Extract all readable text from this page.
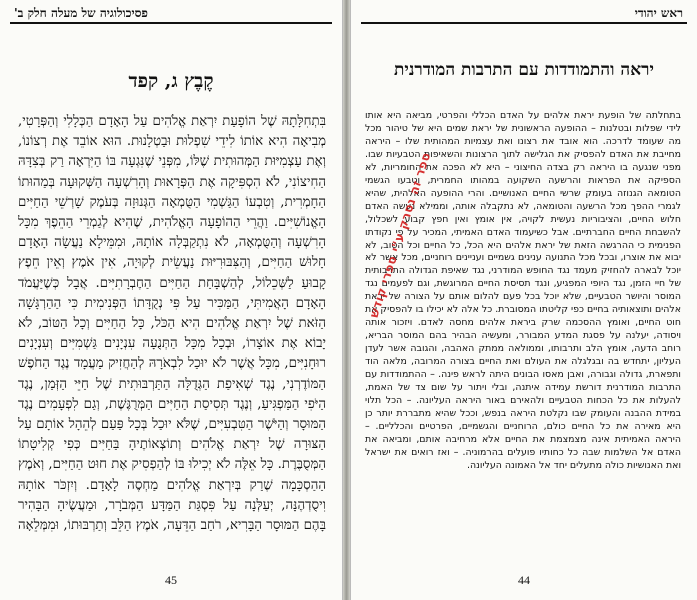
פסיכולוגיה של מעלה חלק ב'
קֶבֶץ ג, קפד

בִּתְחִלָּתָהּ שֶׁל הוֹפָעַת יִרְאַת אֱלֹהִים עַל הָאָדָם הַכְּלָלִי וְהַפְּרָטִי, מְבִיאָה הִיא אוֹתוֹ לִידֵי שִׁפְלוּת וּבַטְלָנוּת. הוּא אוֹבֵד אֶת רְצוֹנוֹ, וְאֶת עַצְמִיּוּת הַמְּהוּתִית שֶׁלּוֹ, מִפְּנֵי שֶׁנִּגְעָה בּוֹ הַיִּרְאָה רַק בְּצִדָּהּ הַחִיצוֹנִי, לֹא הִסְפִּיקָה אֶת הַפְּרָאוּת וְהָרִשְׁעָה הַשְּׁקוּעָה בְּמַהוּתוֹ הַחָמְרִית, וְטִבְעוֹ הַגַּשְׁמִי הַטֻּמְאָה הַגְּנוּזָה בְּעֹמֶק שָׁרְשֵׁי הַחַיִּים הָאֱנוֹשִׁיִּים. וַהֲרֵי הַהוֹפָעָה הָאֱלֹהִית, שֶׁהִיא לְגַמְרֵי הַהֵפֶךְ מִכָּל הָרִשְׁעָה וְהַטֻּמְאָה, לֹא נִתְקַבְּלָה אוֹתָהּ, וּמִמֵּילָא נַעֲשָׂה הָאָדָם חָלוּשׁ הַחַיִּים, וְהַצִּבּוּרִיּוּת נַעֲשֵׂית לְקוּיָה, אִין אֹמֶץ וְאֵין חֵפֶץ קָבוּעַ לַשְּׁכֵלוֹל, לְהַשְׁבָּחַת הַחַיִּים הַחֶבְרָתִיִּים. אֲבָל כְּשֶׁיַּעֲמֹד הָאָדָם הָאֲמִיתִּי, הַמַּכִּיר עַל פִּי נְקֻדָּתוֹ הַפְּנִימִית כִּי הַהַרְגָּשָׁה הַזֹּאת שֶׁל יִרְאַת אֱלֹהִים הִיא הַכֹּל, כָּל הַחַיִּים וְכָל הַטּוֹב, לֹא יָבוֹא אֶת אוֹצָרוֹ, וּבְכָל מִכָּל הַתְּנֻעָה עִנְיָנִים גַּשְׁמִיִּים וְעִנְיָנִים רוּחָנִיִּים, מִכָּל אֲשֶׁר לֹא יוּכַל לִבְאֹרָהּ לְהַחֲזִיק מַעֲמָד נֶגֶד הַחֹפֶשׁ הַמּוֹדֶרְנִי, נֶגֶד שְׁאִיפַת הַגְּדֻלָּה הַתַּרְבּוּתִית שֶׁל חַיֵּי הַזְּמַן, נֶגֶד הַיֹּפִי הַמַּפְגִּיעַ, וְנֶגֶד תְּסִיסַת הַחַיִּים הַמְּרֻגֶּשֶׁת, וְגַם לִפְעָמִים נֶגֶד הַמּוּסָר וְהַיֹּשֶׁר הַטִּבְעִיִּים, שֶׁלֹּא יוּכַל בְּכָל פַּעַם לְהֵהָל אוֹתָם עַל הַצּוּרָה שֶׁל יִרְאַת אֱלֹהִים וְתוֹצְאוֹתֶיהָ בַּחַיִּים כְּפִי קְלִיטָתוֹ הַמְּסֻבֶּרֶת. כָּל אֵלֶּה לֹא יְכִילוּ בּוֹ לְהַפְסִיק אֶת חוּט הַחַיִּים, וְאֹמֶץ הַהַסְכָּמָה שֶׁרַק בְּיִרְאַת אֱלֹהִים מַחְסֶה לָאָדָם. וְיִזְכֹּר אוֹתָהּ וִיסֻדְהֶנָּה, יְעַלְּנָה עַל פִּסְגַּת הַמַּדָּע הַמְּבֹרָר, וּמַעֲשֶׂיהָ הַבָּהִיר בָּהֶם הַמּוּסָר הַבָּרִיא, רֹחַב הַדֵּעָה, אֹמֶץ הַלֵּב וְתַרְבּוּתוֹ, וּמִמְּלֵאָה

45
ראש יהודי
יראה והתמודדות עם התרבות המודרנית

בתחלתה של הופעת יראת אלהים על האדם הכללי והפרטי, מביאה היא אותו לידי שפלות ובטלנות – ההופעה הראשונית של יראת שמים היא של טיהור מכל מה שעומד לדרכה. הוא אובד את רצונו ואת עצמיות המהותית שלו – היראה מחייבת את האדם להפסיק את הגלישה לתוך הרצונות והשאיפות הטבעיות שבו. מפני שנגעה בו היראה רק בצדה החיצוני – היא לא הפכה את החומריות, לא הספיקה את הפראות והרשעה השקועה במהותו החמרית, וטבעו הגשמי הטומאה הגנוזה בעומק שרשי החיים האנושיים. והרי ההופעה האלהית, שהיא לגמרי ההפך מכל הרשעה והטומאה, לא נתקבלה אותה, וממילא נעשה האדם חלוש החיים, והציבוריות נעשית לקויה, אין אומץ ואין חפץ קבוע לשכלול, להשבחת החיים החברתיים. אבל כשיעמוד האדם האמיתי, המכיר על פי נקודתו הפנימית כי ההרגשה הזאת של יראת אלהים היא הכל, כל החיים וכל הטוב, לא יבוא את אוצרו, ובכל מכל התנועה ענינים גשמיים ועניינים רוחניים, מכל אשר לא יוכל לבארה להחזיק מעמד נגד החופש המודרני, נגד שאיפת הגדולה התרבותית של חיי הזמן, נגד היופי המפגיע, ונגד תסיסת החיים המרוגשת, וגם לפעמים נגד המוסר והיושר הטבעיים, שלא יוכל בכל פעם להלום אותם על הצורה של יראת אלהים ותוצאותיה בחיים כפי קליטתו המסוברת. כל אלה לא יכילו בו להפסיק את חוט החיים, ואומץ ההסכמה שרק ביראת אלהים מחסה לאדם. ויזכור אותה ויסודה, יעלנה על פסגת המדע המבורר, ומעשיה הבהיר בהם המוסר הבריא, רוחב הדעה, אומץ הלב ותרבותו, וממולאה ממתק האהבה, והגובה אשר לעדן העליון, יתחדש בה ובגלגלה את העולם ואת החיים בצורה המרובה, מלאה הוד ותפארת, גדולה וגבורה, ואבן מאסו הבונים היתה לראש פינה. – ההתמודדות עם התרבות המודרנית דורשת עמידה איתנה, ובלי ויתור על שום צד של האמת, להעלות את כל הכחות הטבעיים ולהאירם באור היראה העליונה. – הכל תלוי במידת ההבנה והעומק שבו נקלטת היראה בנפש, וככל שהיא מתבררת יותר כן היא מאירה את כל החיים כולם, הרוחניים והגשמיים, הפרטיים והכלליים. – היראה האמיתית אינה מצמצמת את החיים אלא מרחיבה אותם, ומביאה את האדם אל השלמות שבה כל כחותיו פועלים בהרמוניה. – ואז רואים את ישראל ואת האנושיות כולה מתעלים יחד אל האמונה העליונה.

44
ספר זה נסרק ע"י ספרי קודש
